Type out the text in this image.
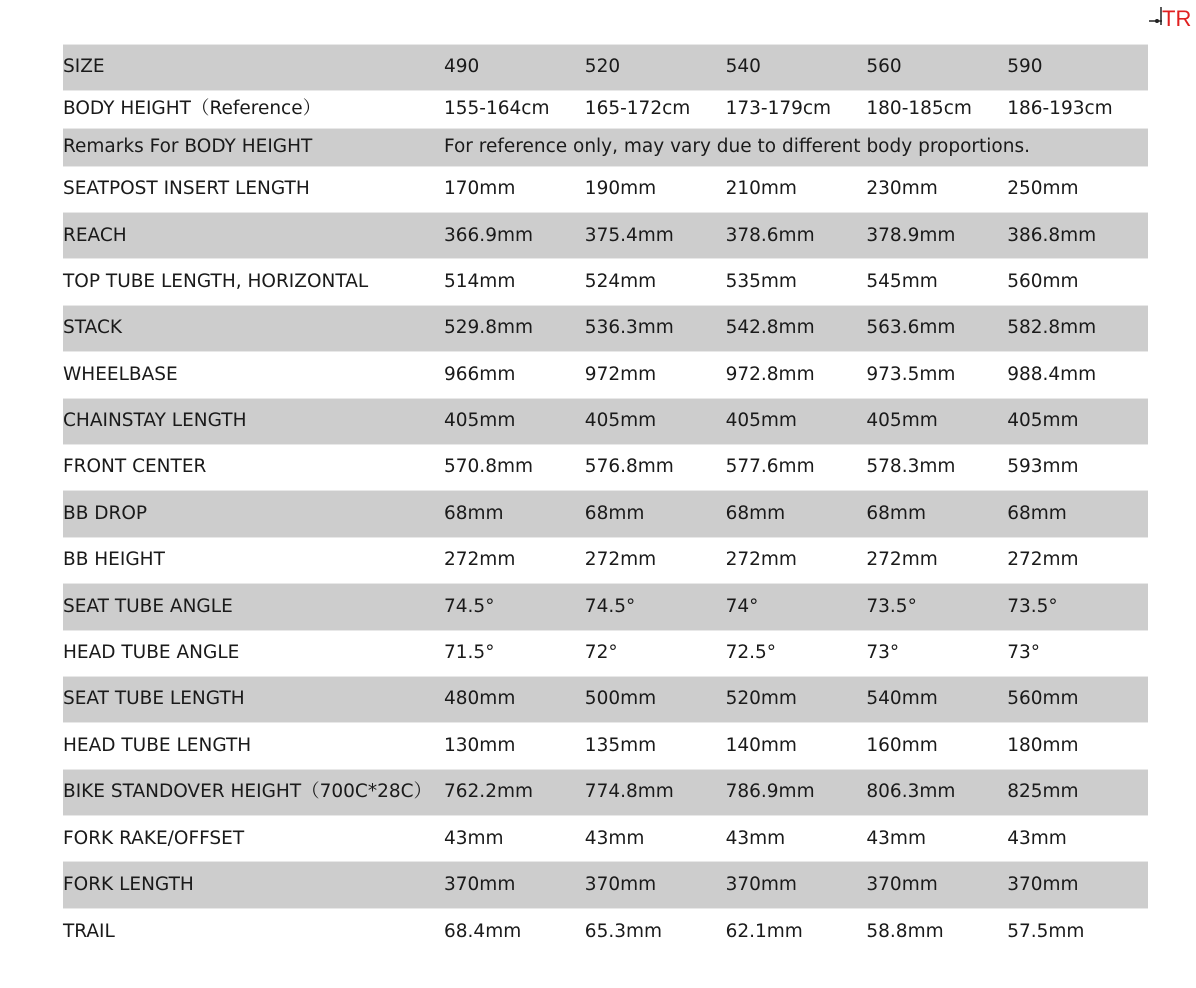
TR
SIZE	490	520	540	560	590
BODY HEIGHT（Reference）	155-164cm	165-172cm	173-179cm	180-185cm	186-193cm
Remarks For BODY HEIGHT	For reference only, may vary due to different body proportions.				
SEATPOST INSERT LENGTH	170mm	190mm	210mm	230mm	250mm
REACH	366.9mm	375.4mm	378.6mm	378.9mm	386.8mm
TOP TUBE LENGTH, HORIZONTAL	514mm	524mm	535mm	545mm	560mm
STACK	529.8mm	536.3mm	542.8mm	563.6mm	582.8mm
WHEELBASE	966mm	972mm	972.8mm	973.5mm	988.4mm
CHAINSTAY LENGTH	405mm	405mm	405mm	405mm	405mm
FRONT CENTER	570.8mm	576.8mm	577.6mm	578.3mm	593mm
BB DROP	68mm	68mm	68mm	68mm	68mm
BB HEIGHT	272mm	272mm	272mm	272mm	272mm
SEAT TUBE ANGLE	74.5°	74.5°	74°	73.5°	73.5°
HEAD TUBE ANGLE	71.5°	72°	72.5°	73°	73°
SEAT TUBE LENGTH	480mm	500mm	520mm	540mm	560mm
HEAD TUBE LENGTH	130mm	135mm	140mm	160mm	180mm
BIKE STANDOVER HEIGHT（700C*28C）	762.2mm	774.8mm	786.9mm	806.3mm	825mm
FORK RAKE/OFFSET	43mm	43mm	43mm	43mm	43mm
FORK LENGTH	370mm	370mm	370mm	370mm	370mm
TRAIL	68.4mm	65.3mm	62.1mm	58.8mm	57.5mm
